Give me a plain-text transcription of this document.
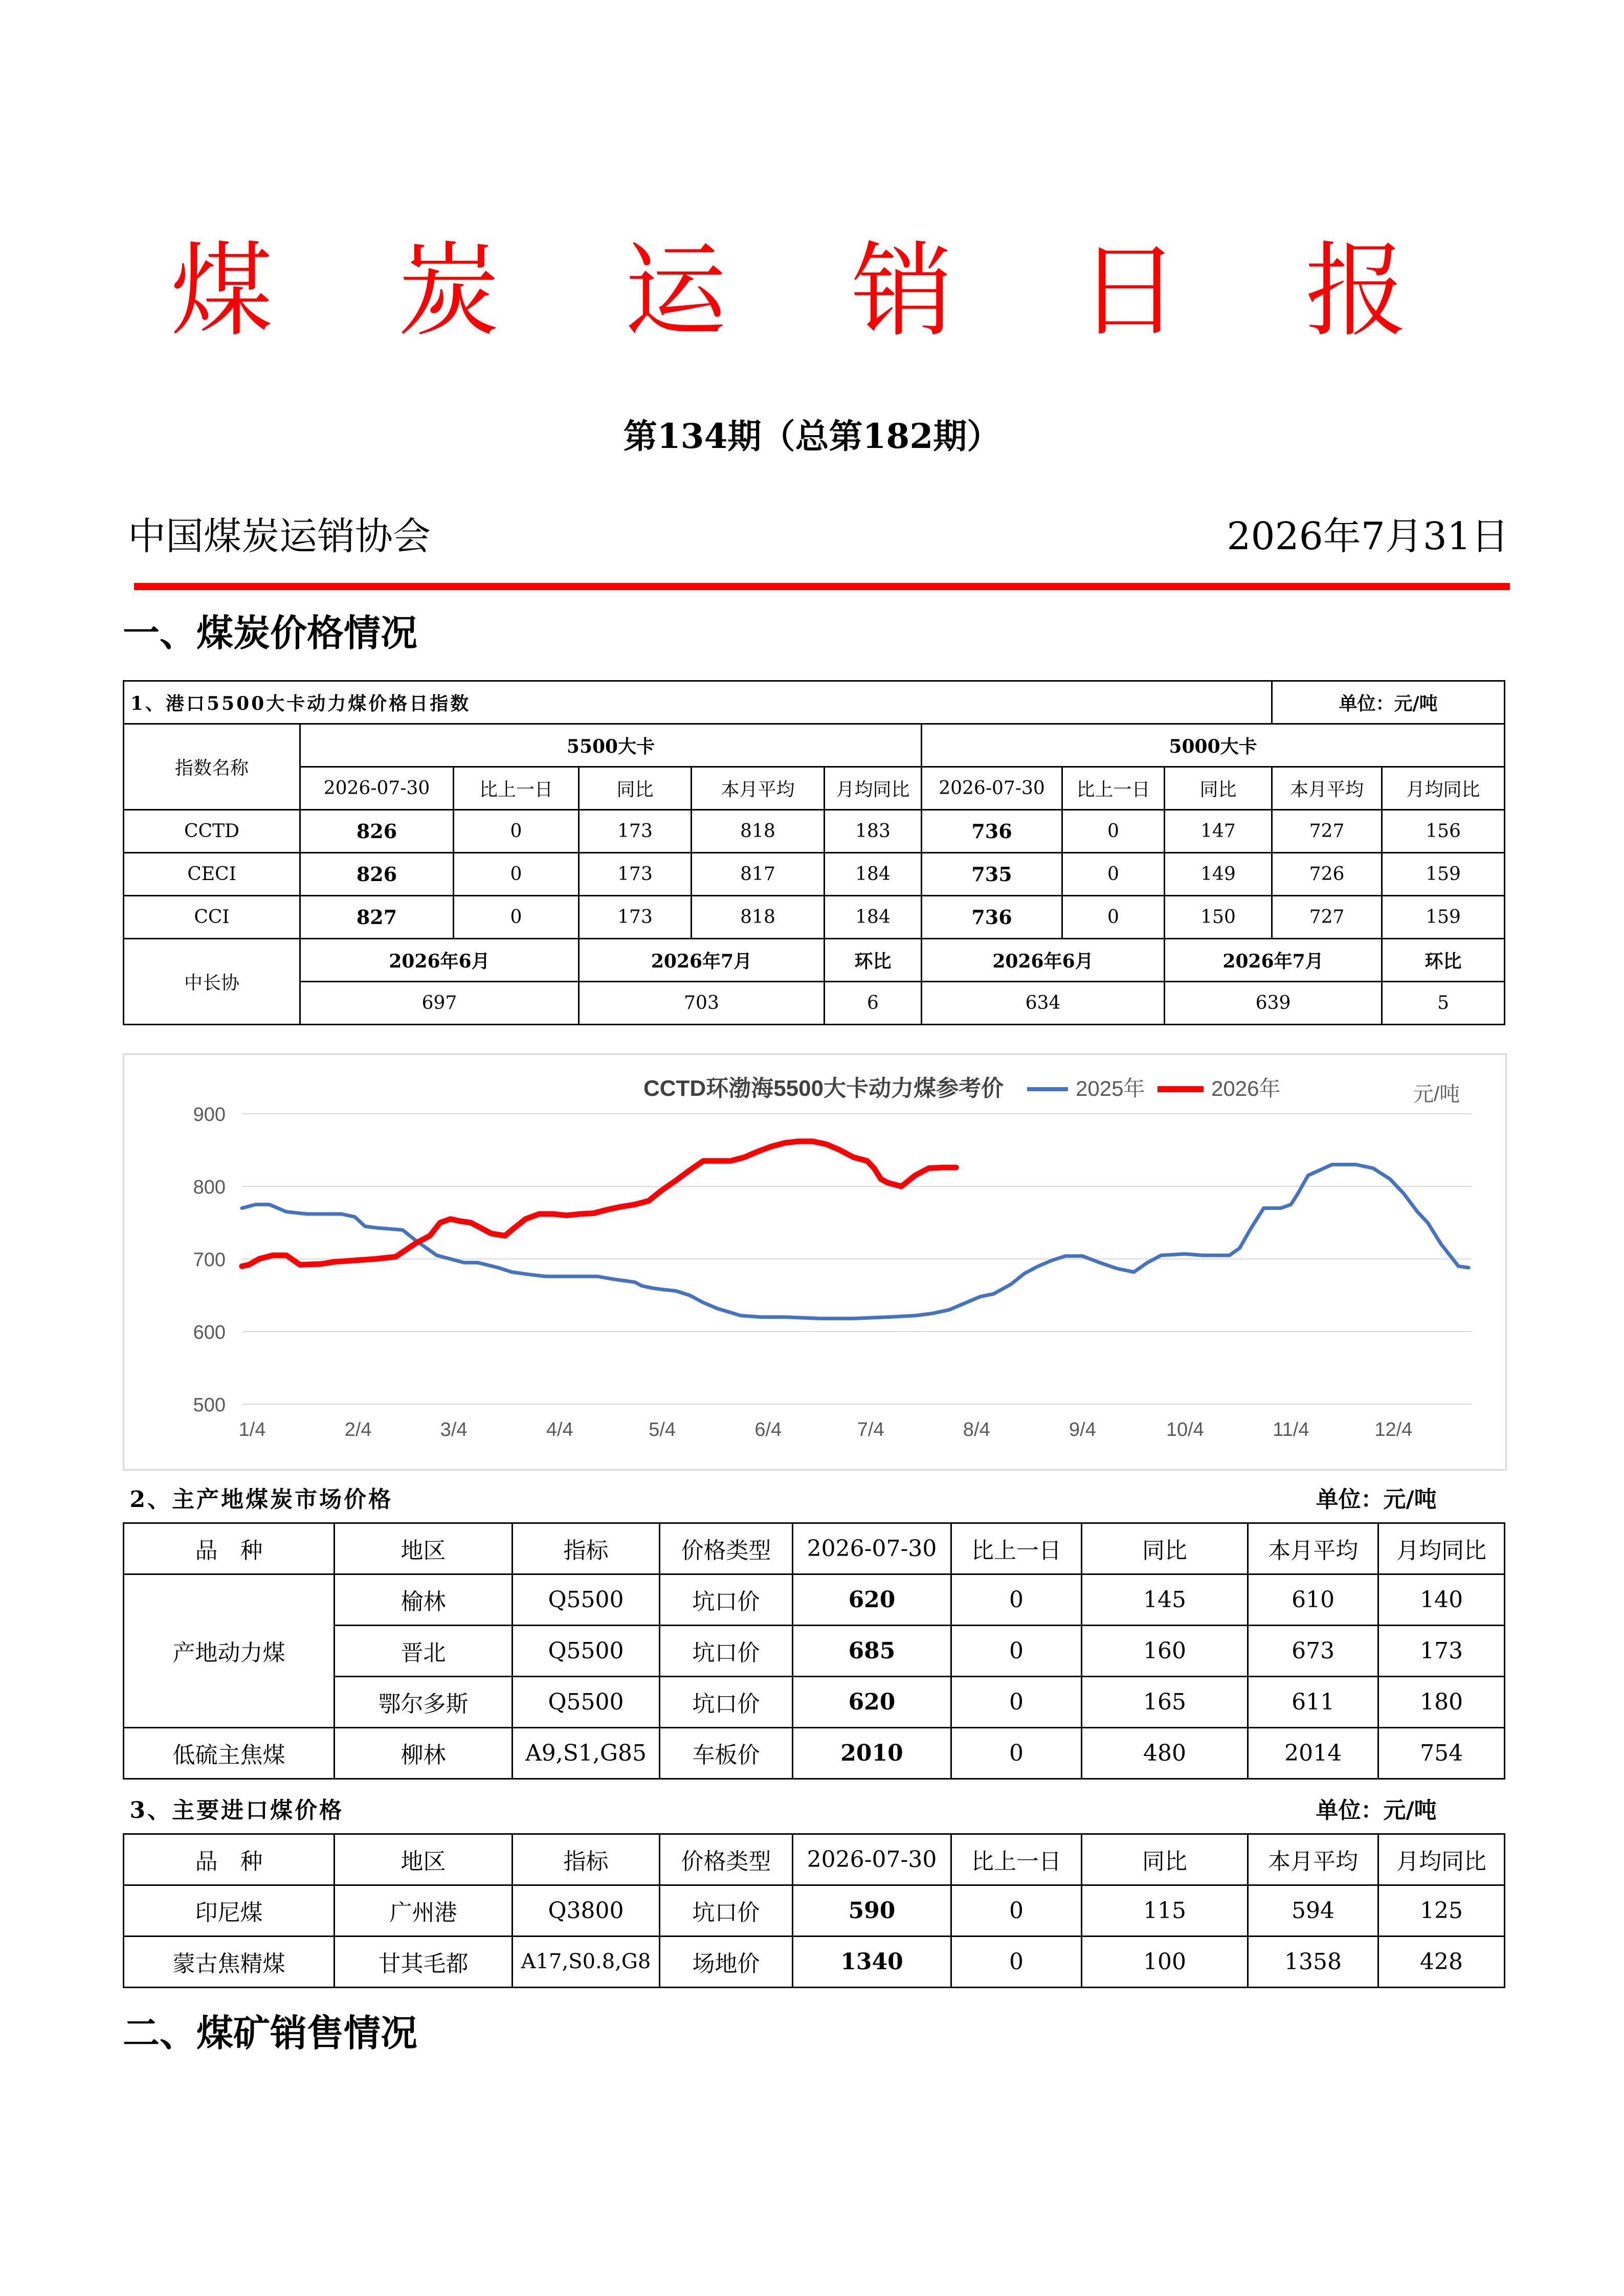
煤 炭 运 销 日 报
第134期（总第182期）
中国煤炭运销协会	2026年7月31日
一、煤炭价格情况
1、港口5500大卡动力煤价格日指数									单位：元/吨	
指数名称	5500大卡					5000大卡				
	2026-07-30	比上一日	同比	本月平均	月均同比	2026-07-30	比上一日	同比	本月平均	月均同比
CCTD	826	0	173	818	183	736	0	147	727	156
CECI	826	0	173	817	184	735	0	149	726	159
CCI	827	0	173	818	184	736	0	150	727	159
中长协	2026年6月		2026年7月		环比	2026年6月		2026年7月		环比
	697		703		6	634		639		5
500
600
700
800
900
1/4	2/4	3/4	4/4	5/4	6/4	7/4	8/4	9/4	10/4	11/4	12/4
CCTD环渤海5500大卡动力煤参考价	2025年	2026年	元/吨
2、主产地煤炭市场价格							单位：元/吨	
品　种	地区	指标	价格类型	2026-07-30	比上一日	同比	本月平均	月均同比
产地动力煤	榆林	Q5500	坑口价	620	0	145	610	140
	晋北	Q5500	坑口价	685	0	160	673	173
	鄂尔多斯	Q5500	坑口价	620	0	165	611	180
低硫主焦煤	柳林	A9,S1,G85	车板价	2010	0	480	2014	754
3、主要进口煤价格							单位：元/吨	
品　种	地区	指标	价格类型	2026-07-30	比上一日	同比	本月平均	月均同比
印尼煤	广州港	Q3800	坑口价	590	0	115	594	125
蒙古焦精煤	甘其毛都	A17,S0.8,G8	场地价	1340	0	100	1358	428
二、煤矿销售情况
